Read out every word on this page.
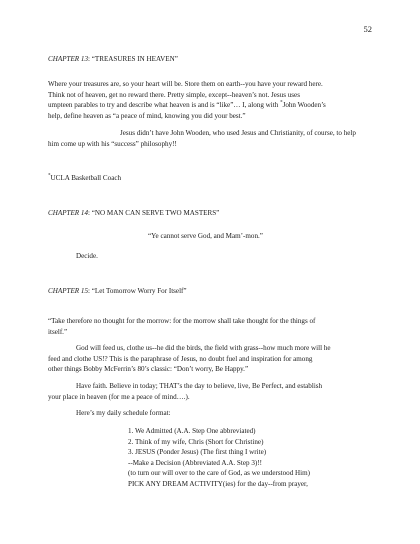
52
CHAPTER 13: “TREASURES IN HEAVEN”
Where your treasures are, so your heart will be. Store them on earth--you have your reward here.
Think not of heaven, get no reward there. Pretty simple, except--heaven’s not. Jesus uses
umpteen parables to try and describe what heaven is and is “like”… I, along with *John Wooden’s
help, define heaven as “a peace of mind, knowing you did your best.”
Jesus didn’t have John Wooden, who used Jesus and Christianity, of course, to help
him come up with his “success” philosophy!!
*UCLA Basketball Coach
CHAPTER 14: “NO MAN CAN SERVE TWO MASTERS”
“Ye cannot serve God, and Mam’-mon.”
Decide.
CHAPTER 15: “Let Tomorrow Worry For Itself”
“Take therefore no thought for the morrow: for the morrow shall take thought for the things of
itself.”
God will feed us, clothe us--he did the birds, the field with grass--how much more will he
feed and clothe US!? This is the paraphrase of Jesus, no doubt fuel and inspiration for among
other things Bobby McFerrin’s 80’s classic: “Don’t worry, Be Happy.”
Have faith. Believe in today; THAT’s the day to believe, live, Be Perfect, and establish
your place in heaven (for me a peace of mind….).
Here’s my daily schedule format:
1. We Admitted (A.A. Step One abbreviated)
2. Think of my wife, Chris (Short for Christine)
3. JESUS (Ponder Jesus) (The first thing I write)
--Make a Decision (Abbreviated A.A. Step 3)!!
(to turn our will over to the care of God, as we understood Him)
PICK ANY DREAM ACTIVITY(ies) for the day--from prayer,
